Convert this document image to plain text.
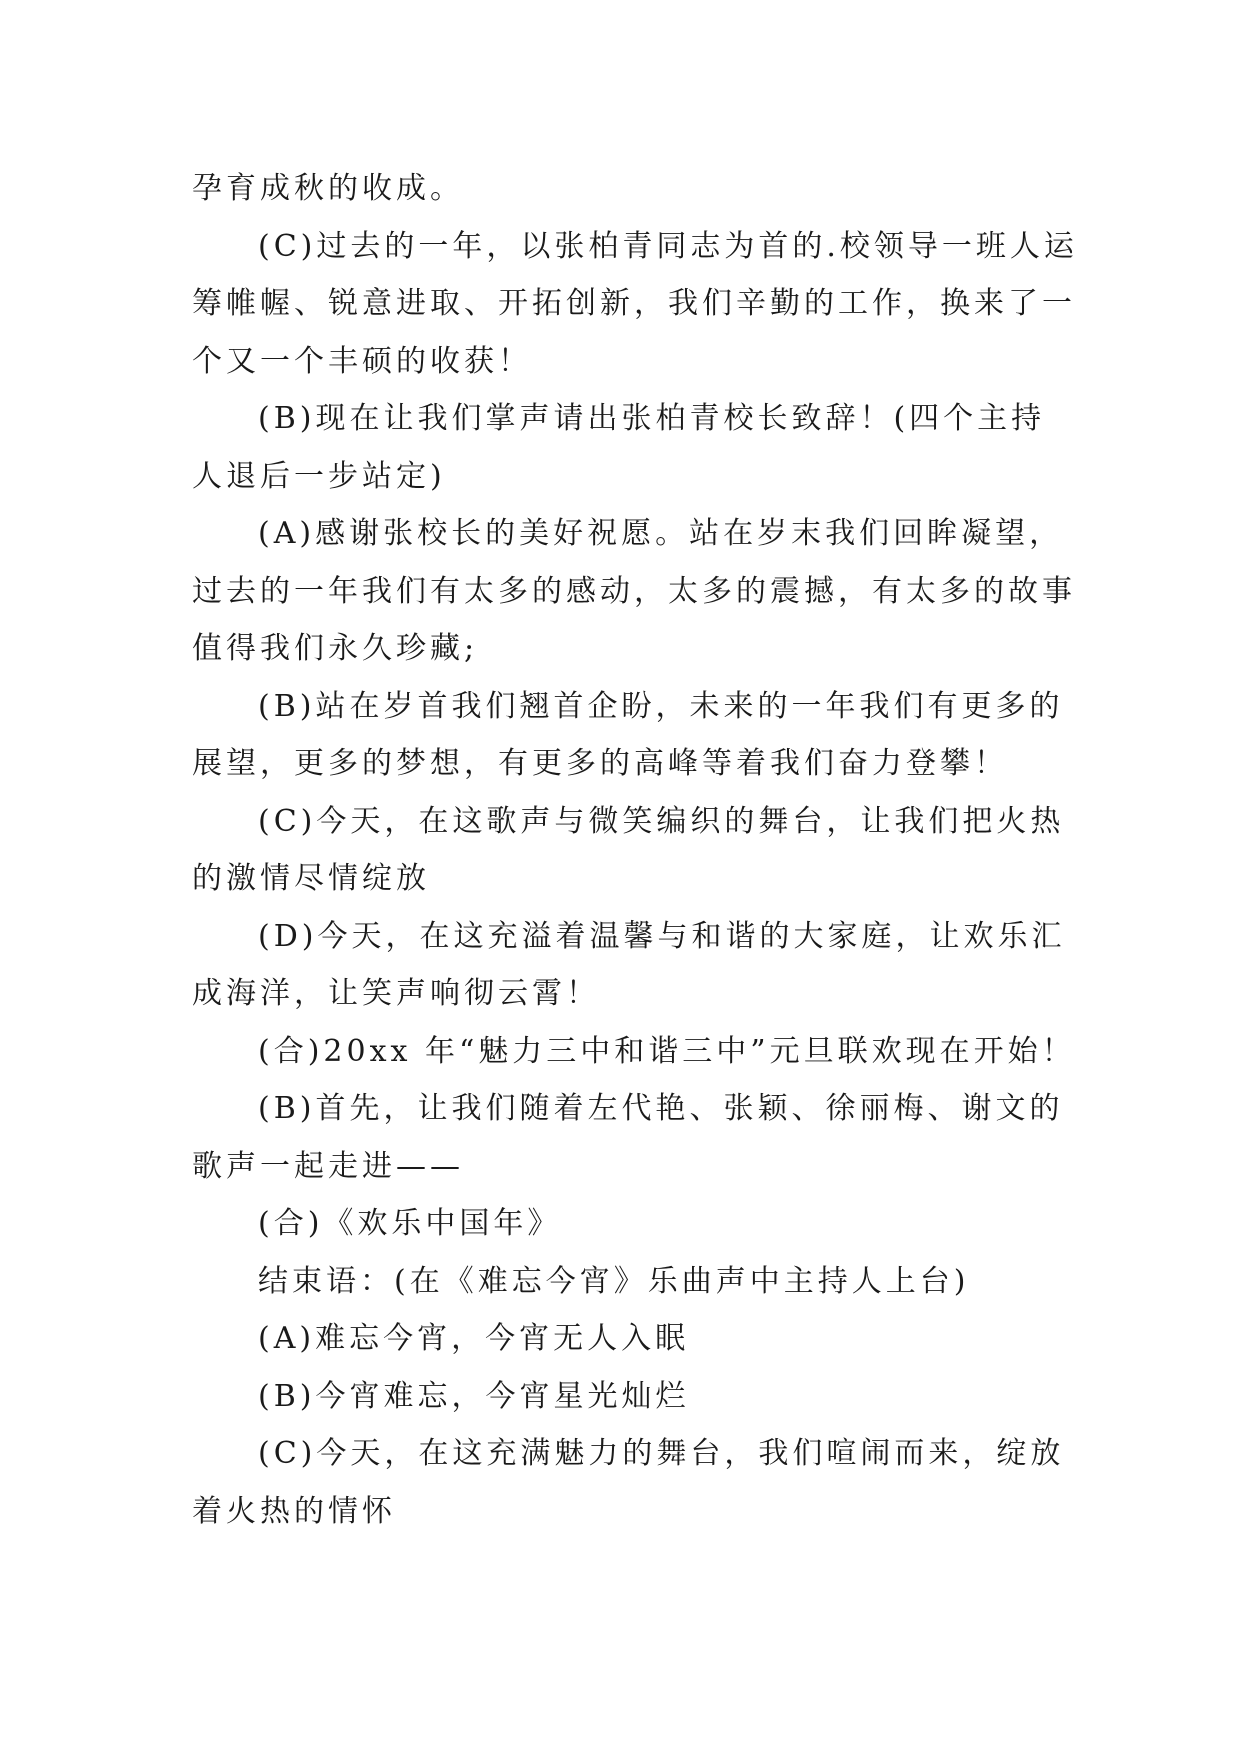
孕育成秋的收成。
(C)过去的一年，以张柏青同志为首的.校领导一班人运
筹帷幄、锐意进取、开拓创新，我们辛勤的工作，换来了一
个又一个丰硕的收获！
(B)现在让我们掌声请出张柏青校长致辞！(四个主持
人退后一步站定)
(A)感谢张校长的美好祝愿。站在岁末我们回眸凝望，
过去的一年我们有太多的感动，太多的震撼，有太多的故事
值得我们永久珍藏;
(B)站在岁首我们翘首企盼，未来的一年我们有更多的
展望，更多的梦想，有更多的高峰等着我们奋力登攀！
(C)今天，在这歌声与微笑编织的舞台，让我们把火热
的激情尽情绽放
(D)今天，在这充溢着温馨与和谐的大家庭，让欢乐汇
成海洋，让笑声响彻云霄！
(合)20xx 年“魅力三中和谐三中”元旦联欢现在开始！
(B)首先，让我们随着左代艳、张颖、徐丽梅、谢文的
歌声一起走进——
(合)《欢乐中国年》
结束语：(在《难忘今宵》乐曲声中主持人上台)
(A)难忘今宵，今宵无人入眠
(B)今宵难忘，今宵星光灿烂
(C)今天，在这充满魅力的舞台，我们喧闹而来，绽放
着火热的情怀
